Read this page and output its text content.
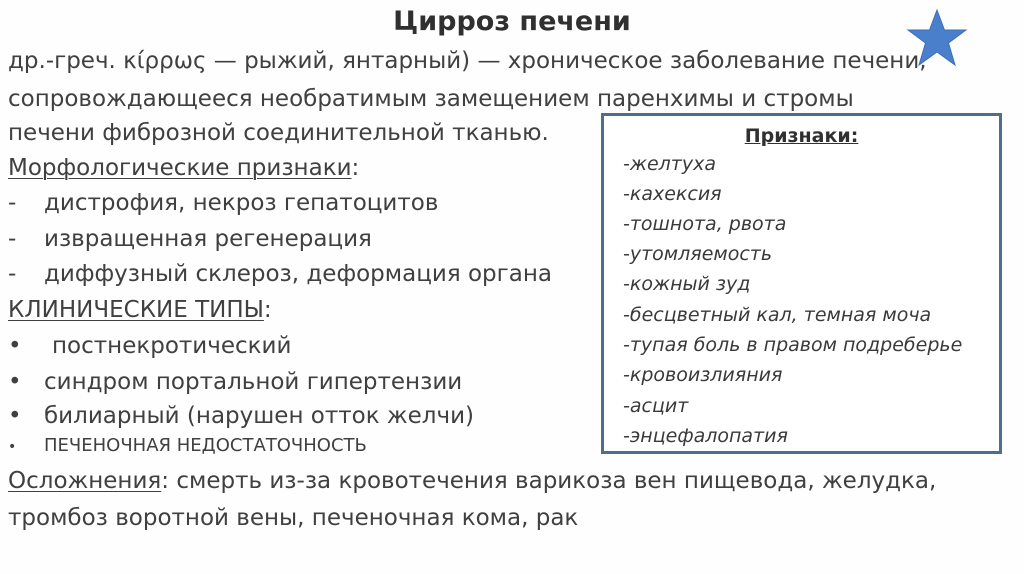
Цирроз печени
др.-греч. κίρρως — рыжий, янтарный) — хроническое заболевание печени,
сопровождающееся необратимым замещением паренхимы и стромы
печени фиброзной соединительной тканью.
Морфологические признаки:
- дистрофия, некроз гепатоцитов
- извращенная регенерация
- диффузный склероз, деформация органа
КЛИНИЧЕСКИЕ ТИПЫ:
• постнекротический
• синдром портальной гипертензии
• билиарный (нарушен отток желчи)
• ПЕЧЕНОЧНАЯ НЕДОСТАТОЧНОСТЬ
Осложнения: смерть из-за кровотечения варикоза вен пищевода, желудка,
тромбоз воротной вены, печеночная кома, рак
Признаки:
-желтуха
-кахексия
-тошнота, рвота
-утомляемость
-кожный зуд
-бесцветный кал, темная моча
-тупая боль в правом подреберье
-кровоизлияния
-асцит
-энцефалопатия
